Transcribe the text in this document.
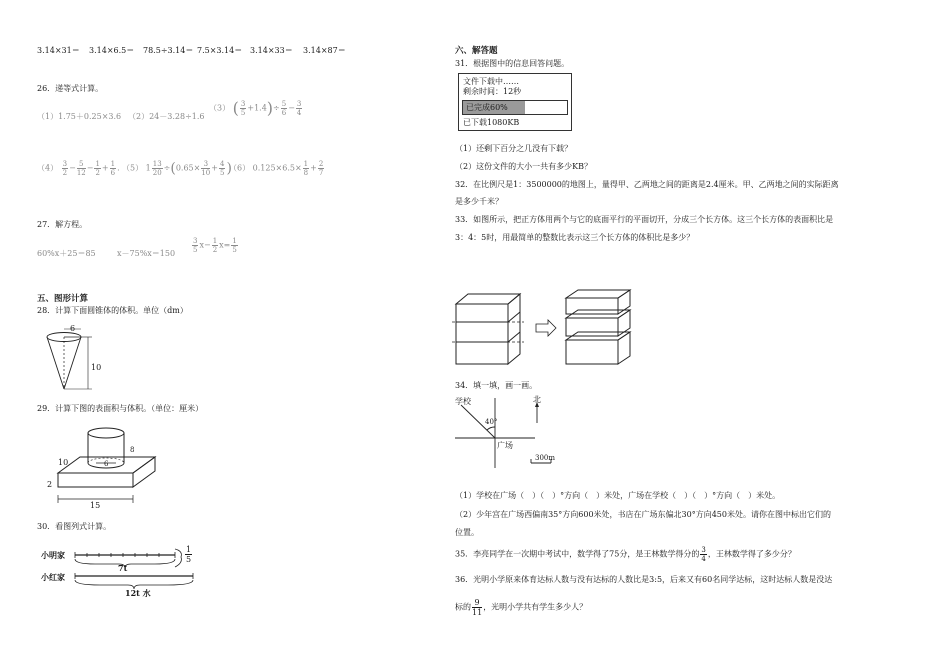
3.14×31＝ 3.14×6.5＝ 78.5÷3.14＝ 7.5×3.14＝ 3.14×33＝ 3.14×87＝
26．递等式计算。
（1）1.75＋0.25×3.6 （2）24－3.28÷1.6
（3） ( $\frac{3}{5} +1.4)\div \frac{5}{6} - \frac{3}{4}$
$(4) \frac{3}{2} - \frac{5}{12} - \frac{1}{2} + \frac{1}{6}$ . （5） $1 \frac{13}{20} \div(0.65\times \frac{3}{10} + \frac{4}{5}$ )
（6） $0.125\times 6.5\times \frac{1}{8} + \frac{2}{7}$
27．解方程。
60%x＋25＝85	$x-75\%x=150 \frac{3}{5} x- \frac{1}{2} x= \frac{1}{5}$
五、图形计算
28．计算下面圆锥体的体积。单位（dm）
6
10
29．计算下图的表面积与体积。（单位：厘米）
10
2
15
8
6
30．看图列式计算。
小明家
小红家
7t
12t 水
$\frac{1}{5}$
六、解答题
31．根据图中的信息回答问题。
文件下载中……
剩余时间：12秒
已完成60%
已下载1080KB
（1）还剩下百分之几没有下载？
（2）这份文件的大小一共有多少KB？
32．在比例尺是1：3500000的地图上，量得甲、乙两地之间的距离是2.4厘米。甲、乙两地之间的实际距离
是多少千米？
33．如图所示，把正方体用两个与它的底面平行的平面切开，分成三个长方体。这三个长方体的表面积比是
3：4：5时，用最简单的整数比表示这三个长方体的体积比是多少？
34．填一填，画一画。
学校	北
40°
广场
300m
（1）学校在广场（　）（　）°方向（　）米处，广场在学校（　）（　）°方向（　）米处。
（2）少年宫在广场西偏南35°方向600米处，书店在广场东偏北30°方向450米处。请你在图中标出它们的
位置。
35．李亮同学在一次期中考试中，数学得了75分，是王林数学得分的 $\frac{3}{4}$ ，王林数学得了多少分？
36．光明小学原来体育达标人数与没有达标的人数比是3:5，后来又有60名同学达标，这时达标人数是没达
标的 $\frac{9}{11}$ ，光明小学共有学生多少人？
